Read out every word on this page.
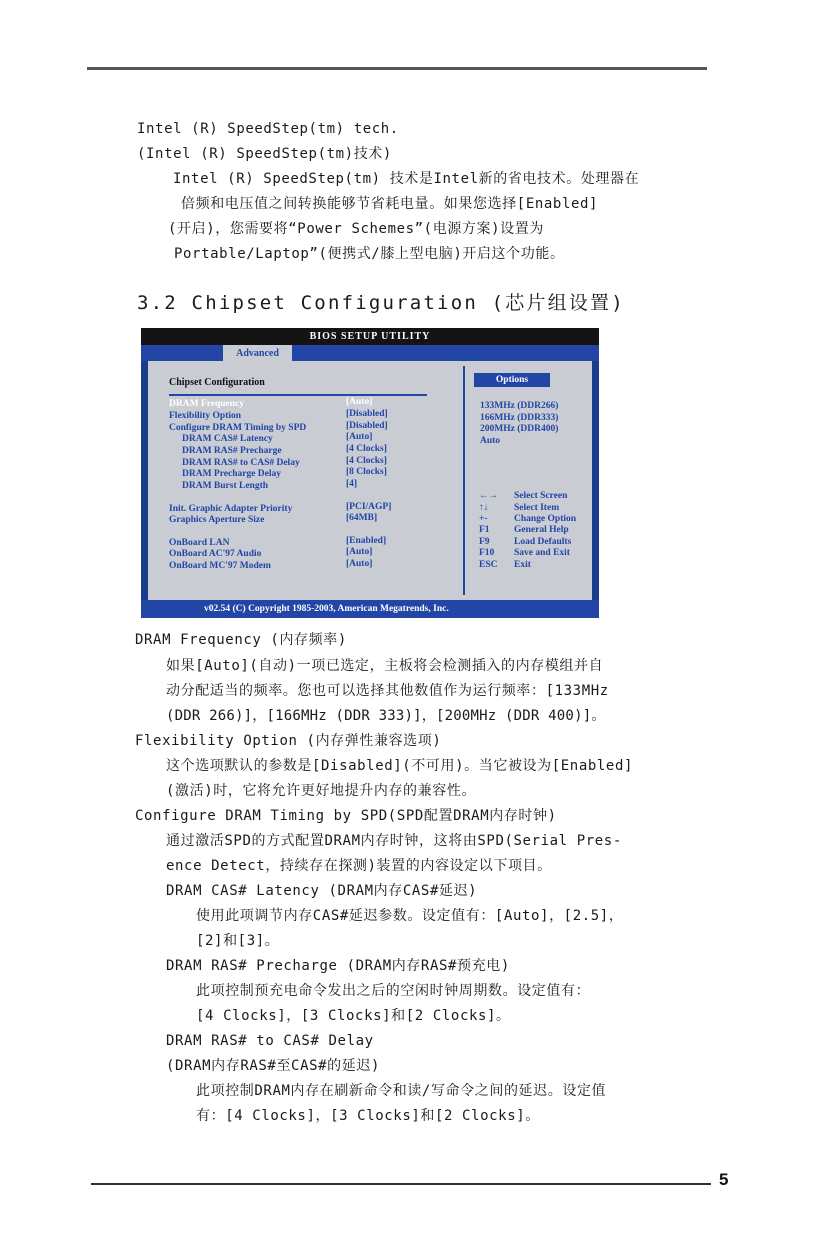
Intel (R) SpeedStep(tm) tech.
(Intel (R) SpeedStep(tm)技术)
Intel (R) SpeedStep(tm) 技术是Intel新的省电技术。处理器在
倍频和电压值之间转换能够节省耗电量。如果您选择[Enabled]
(开启)，您需要将“Power Schemes”(电源方案)设置为
Portable/Laptop”(便携式/膝上型电脑)开启这个功能。
3.2 Chipset Configuration (芯片组设置)
BIOS SETUP UTILITY
Advanced
Chipset Configuration
DRAM Frequency	[Auto]
Flexibility Option	[Disabled]
Configure DRAM Timing by SPD	[Disabled]
DRAM CAS# Latency	[Auto]
DRAM RAS# Precharge	[4 Clocks]
DRAM RAS# to CAS# Delay	[4 Clocks]
DRAM Precharge Delay	[8 Clocks]
DRAM Burst Length	[4]
Init. Graphic Adapter Priority	[PCI/AGP]
Graphics Aperture Size	[64MB]
OnBoard LAN	[Enabled]
OnBoard AC'97 Audio	[Auto]
OnBoard MC'97 Modem	[Auto]
Options
133MHz (DDR266)
166MHz (DDR333)
200MHz (DDR400)
Auto
←→ Select Screen
↑↓	Select Item
+-	Change Option
F1	General Help
F9	Load Defaults
F10 Save and Exit
ESC Exit
v02.54 (C) Copyright 1985-2003, American Megatrends, Inc.
DRAM Frequency (内存频率)
如果[Auto](自动)一项已选定，主板将会检测插入的内存模组并自
动分配适当的频率。您也可以选择其他数值作为运行频率：[133MHz
(DDR 266)]，[166MHz (DDR 333)]，[200MHz (DDR 400)]。
Flexibility Option (内存弹性兼容选项)
这个选项默认的参数是[Disabled](不可用)。当它被设为[Enabled]
(激活)时，它将允许更好地提升内存的兼容性。
Configure DRAM Timing by SPD(SPD配置DRAM内存时钟)
通过激活SPD的方式配置DRAM内存时钟，这将由SPD(Serial Pres-
ence Detect，持续存在探测)装置的内容设定以下项目。
DRAM CAS# Latency (DRAM内存CAS#延迟)
使用此项调节内存CAS#延迟参数。设定值有：[Auto]，[2.5]，
[2]和[3]。
DRAM RAS# Precharge (DRAM内存RAS#预充电)
此项控制预充电命令发出之后的空闲时钟周期数。设定值有：
[4 Clocks]，[3 Clocks]和[2 Clocks]。
DRAM RAS# to CAS# Delay
(DRAM内存RAS#至CAS#的延迟)
此项控制DRAM内存在刷新命令和读/写命令之间的延迟。设定值
有：[4 Clocks]，[3 Clocks]和[2 Clocks]。
5
